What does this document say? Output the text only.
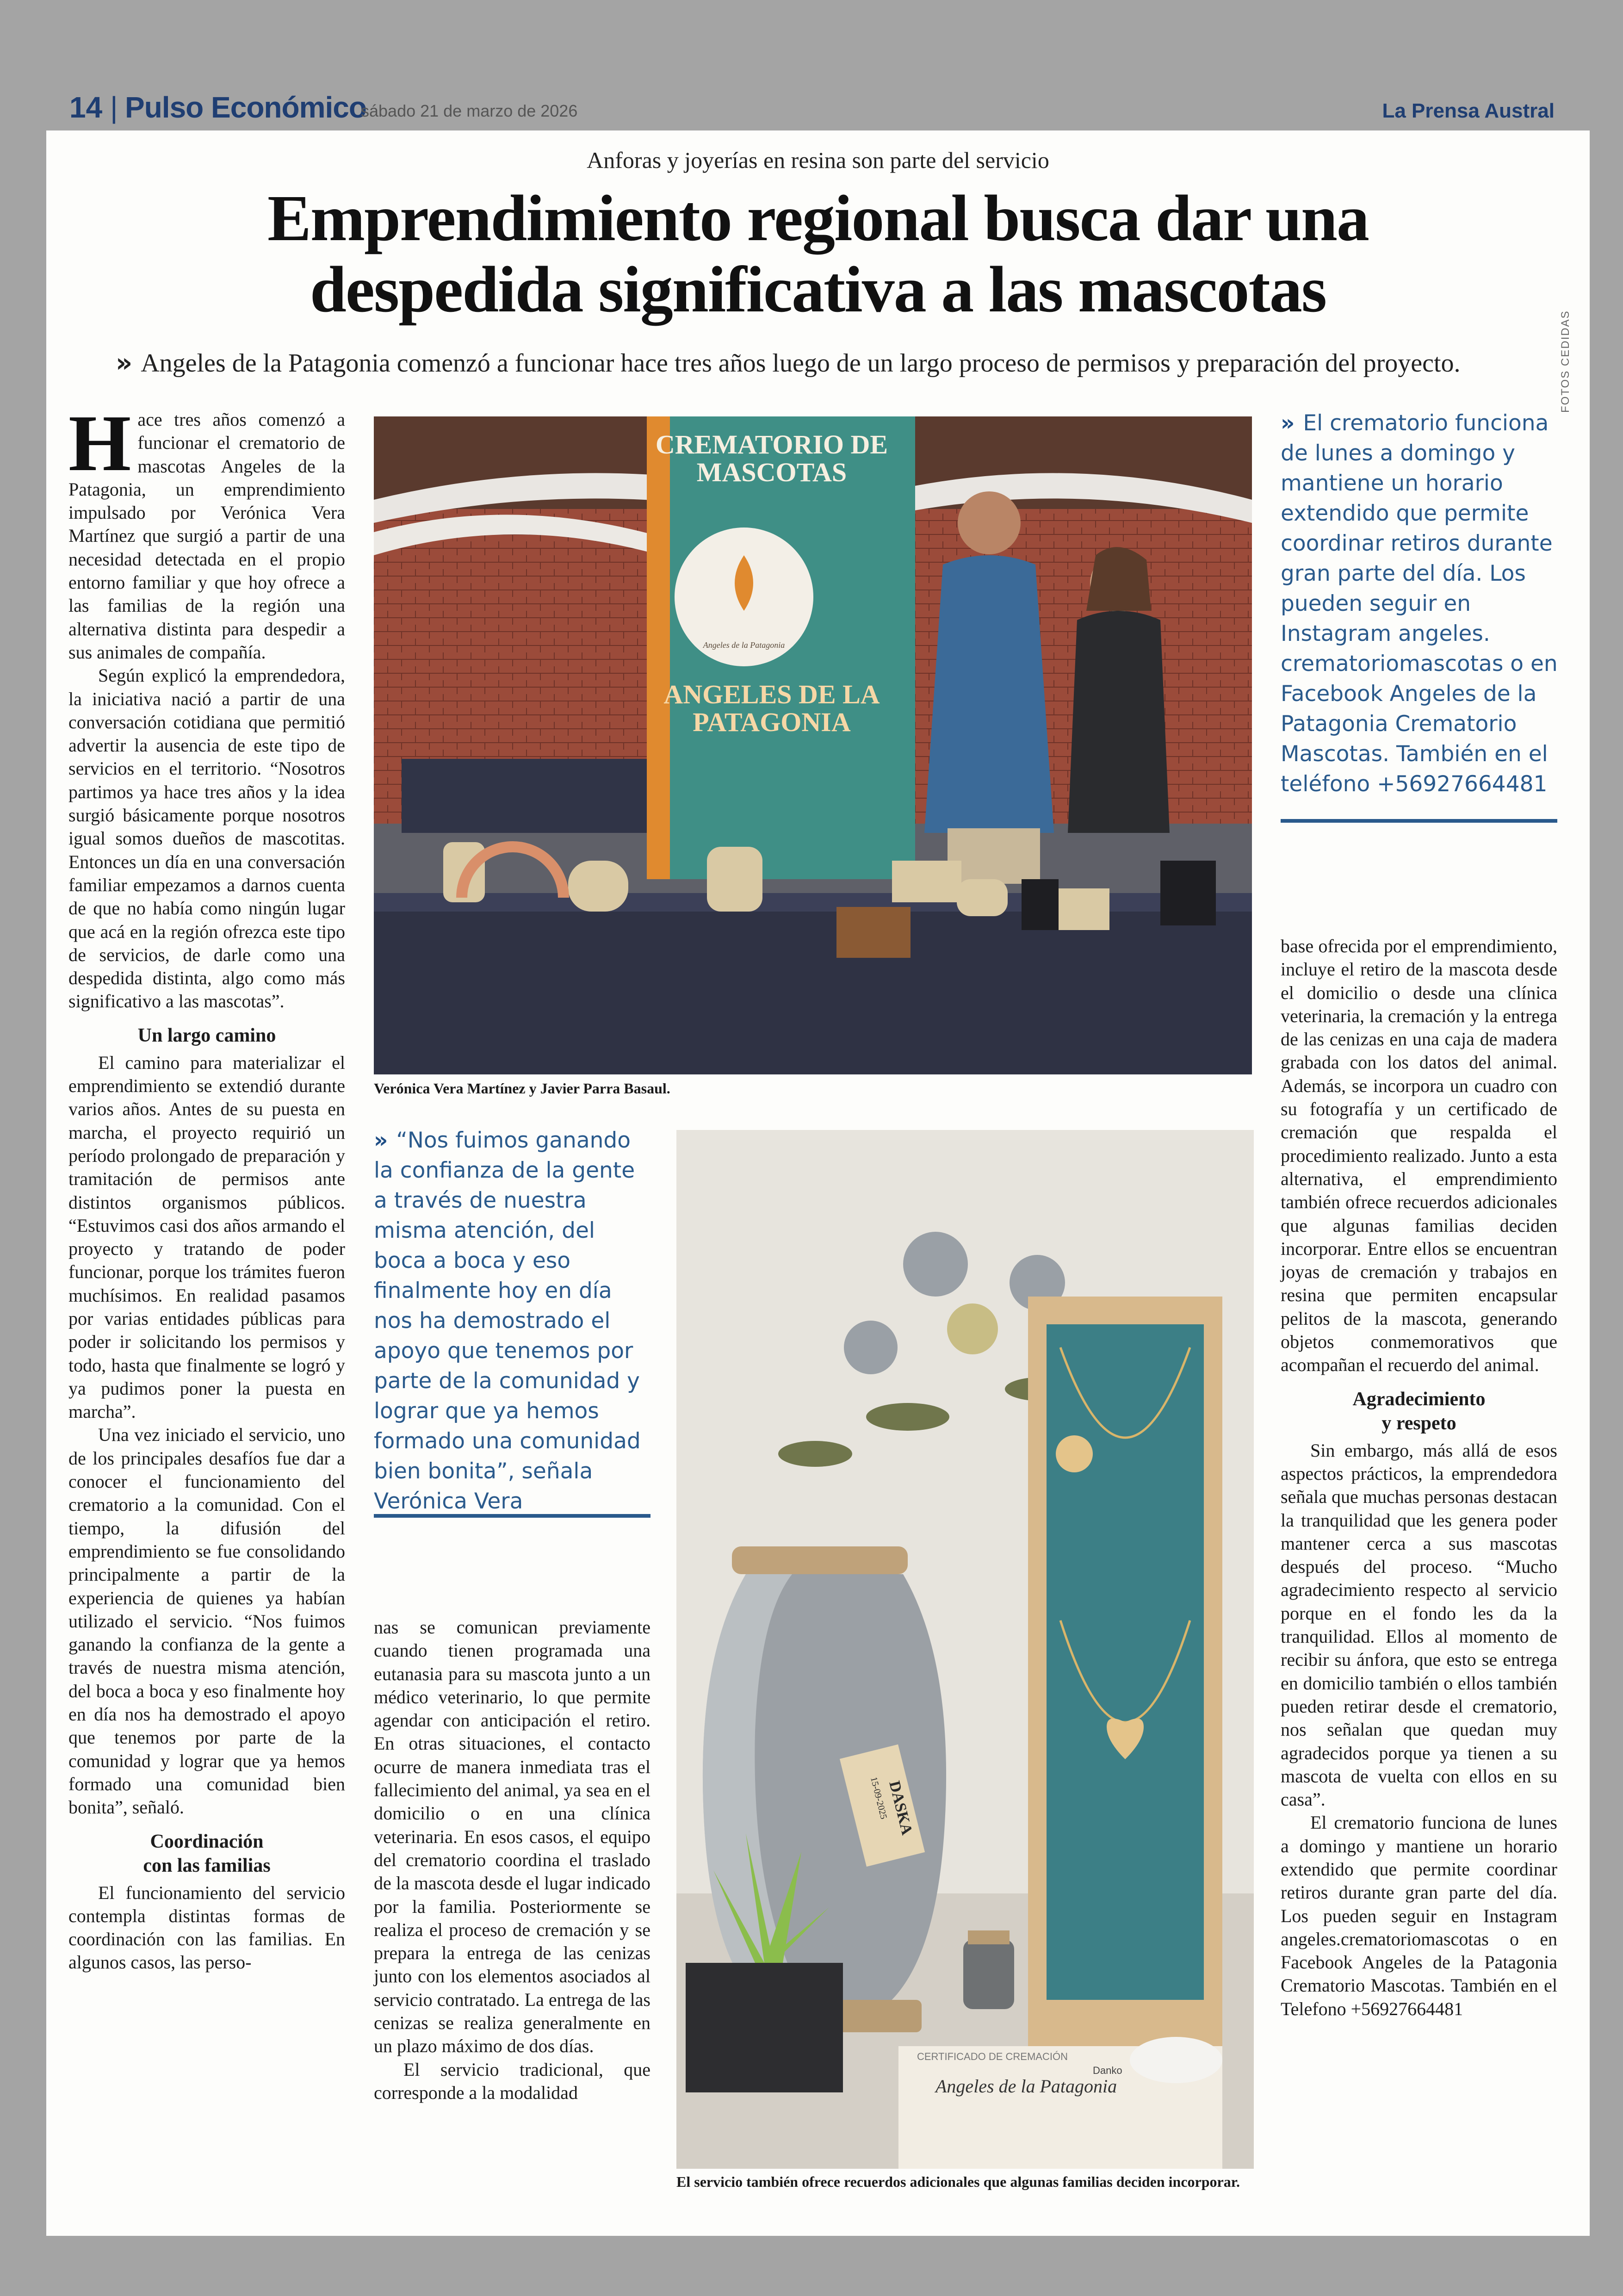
14 | Pulso Económico
sábado 21 de marzo de 2026	La Prensa Austral
Anforas y joyerías en resina son parte del servicio
Emprendimiento regional busca dar una
despedida significativa a las mascotas
» Angeles de la Patagonia comenzó a funcionar hace tres años luego de un largo proceso de permisos y preparación del proyecto.

Hace tres años comenzó a funcionar el crematorio de mascotas Angeles de la Patagonia, un emprendimiento impulsado por Verónica Vera Martínez que surgió a partir de una necesidad detectada en el propio entorno familiar y que hoy ofrece a las familias de la región una alternativa distinta para despedir a sus animales de compañía.

Según explicó la emprendedora, la iniciativa nació a partir de una conversación cotidiana que permitió advertir la ausencia de este tipo de servicios en el territorio. “Nosotros partimos ya hace tres años y la idea surgió básicamente porque nosotros igual somos dueños de mascotitas. Entonces un día en una conversación familiar empezamos a darnos cuenta de que no había como ningún lugar que acá en la región ofrezca este tipo de servicios, de darle como una despedida distinta, algo como más significativo a las mascotas”.

Un largo camino

El camino para materializar el emprendimiento se extendió durante varios años. Antes de su puesta en marcha, el proyecto requirió un período prolongado de preparación y tramitación de permisos ante distintos organismos públicos. “Estuvimos casi dos años armando el proyecto y tratando de poder funcionar, porque los trámites fueron muchísimos. En realidad pasamos por varias entidades públicas para poder ir solicitando los permisos y todo, hasta que finalmente se logró y ya pudimos poner la puesta en marcha”.

Una vez iniciado el servicio, uno de los principales desafíos fue dar a conocer el funcionamiento del crematorio a la comunidad. Con el tiempo, la difusión del emprendimiento se fue consolidando principalmente a partir de la experiencia de quienes ya habían utilizado el servicio. “Nos fuimos ganando la confianza de la gente a través de nuestra misma atención, del boca a boca y eso finalmente hoy en día nos ha demostrado el apoyo que tenemos por parte de la comunidad y lograr que ya hemos formado una comunidad bien bonita”, señaló.

Coordinación
con las familias

El funcionamiento del servicio contempla distintas formas de coordinación con las familias. En algunos casos, las perso-

CREMATORIO DE
MASCOTAS
Angeles de la Patagonia
ANGELES DE LA
PATAGONIA
Verónica Vera Martínez y Javier Parra Basaul.
» El crematorio funciona de lunes a domingo y mantiene un horario extendido que permite coordinar retiros durante gran parte del día. Los pueden seguir en Instagram angeles. crematoriomascotas o en Facebook Angeles de la Patagonia Crematorio Mascotas. También en el teléfono +56927664481
FOTOS CEDIDAS
» “Nos fuimos ganando la confianza de la gente a través de nuestra misma atención, del boca a boca y eso finalmente hoy en día nos ha demostrado el apoyo que tenemos por parte de la comunidad y lograr que ya hemos formado una comunidad bien bonita”, señala Verónica Vera

nas se comunican previamente cuando tienen programada una eutanasia para su mascota junto a un médico veterinario, lo que permite agendar con anticipación el retiro. En otras situaciones, el contacto ocurre de manera inmediata tras el fallecimiento del animal, ya sea en el domicilio o en una clínica veterinaria. En esos casos, el equipo del crematorio coordina el traslado de la mascota desde el lugar indicado por la familia. Posteriormente se realiza el proceso de cremación y se prepara la entrega de las cenizas junto con los elementos asociados al servicio contratado. La entrega de las cenizas se realiza generalmente en un plazo máximo de dos días.

El servicio tradicional, que corresponde a la modalidad

DASKA
15-09-2025
CERTIFICADO DE CREMACIÓN
Angeles de la Patagonia
Danko
El servicio también ofrece recuerdos adicionales que algunas familias deciden incorporar.

base ofrecida por el emprendimiento, incluye el retiro de la mascota desde el domicilio o desde una clínica veterinaria, la cremación y la entrega de las cenizas en una caja de madera grabada con los datos del animal. Además, se incorpora un cuadro con su fotografía y un certificado de cremación que respalda el procedimiento realizado. Junto a esta alternativa, el emprendimiento también ofrece recuerdos adicionales que algunas familias deciden incorporar. Entre ellos se encuentran joyas de cremación y trabajos en resina que permiten encapsular pelitos de la mascota, generando objetos conmemorativos que acompañan el recuerdo del animal.

Agradecimiento
y respeto

Sin embargo, más allá de esos aspectos prácticos, la emprendedora señala que muchas personas destacan la tranquilidad que les genera poder mantener cerca a sus mascotas después del proceso. “Mucho agradecimiento respecto al servicio porque en el fondo les da la tranquilidad. Ellos al momento de recibir su ánfora, que esto se entrega en domicilio también o ellos también pueden retirar desde el crematorio, nos señalan que quedan muy agradecidos porque ya tienen a su mascota de vuelta con ellos en su casa”.

El crematorio funciona de lunes a domingo y mantiene un horario extendido que permite coordinar retiros durante gran parte del día. Los pueden seguir en Instagram angeles.crematoriomascotas o en Facebook Angeles de la Patagonia Crematorio Mascotas. También en el Telefono +56927664481
